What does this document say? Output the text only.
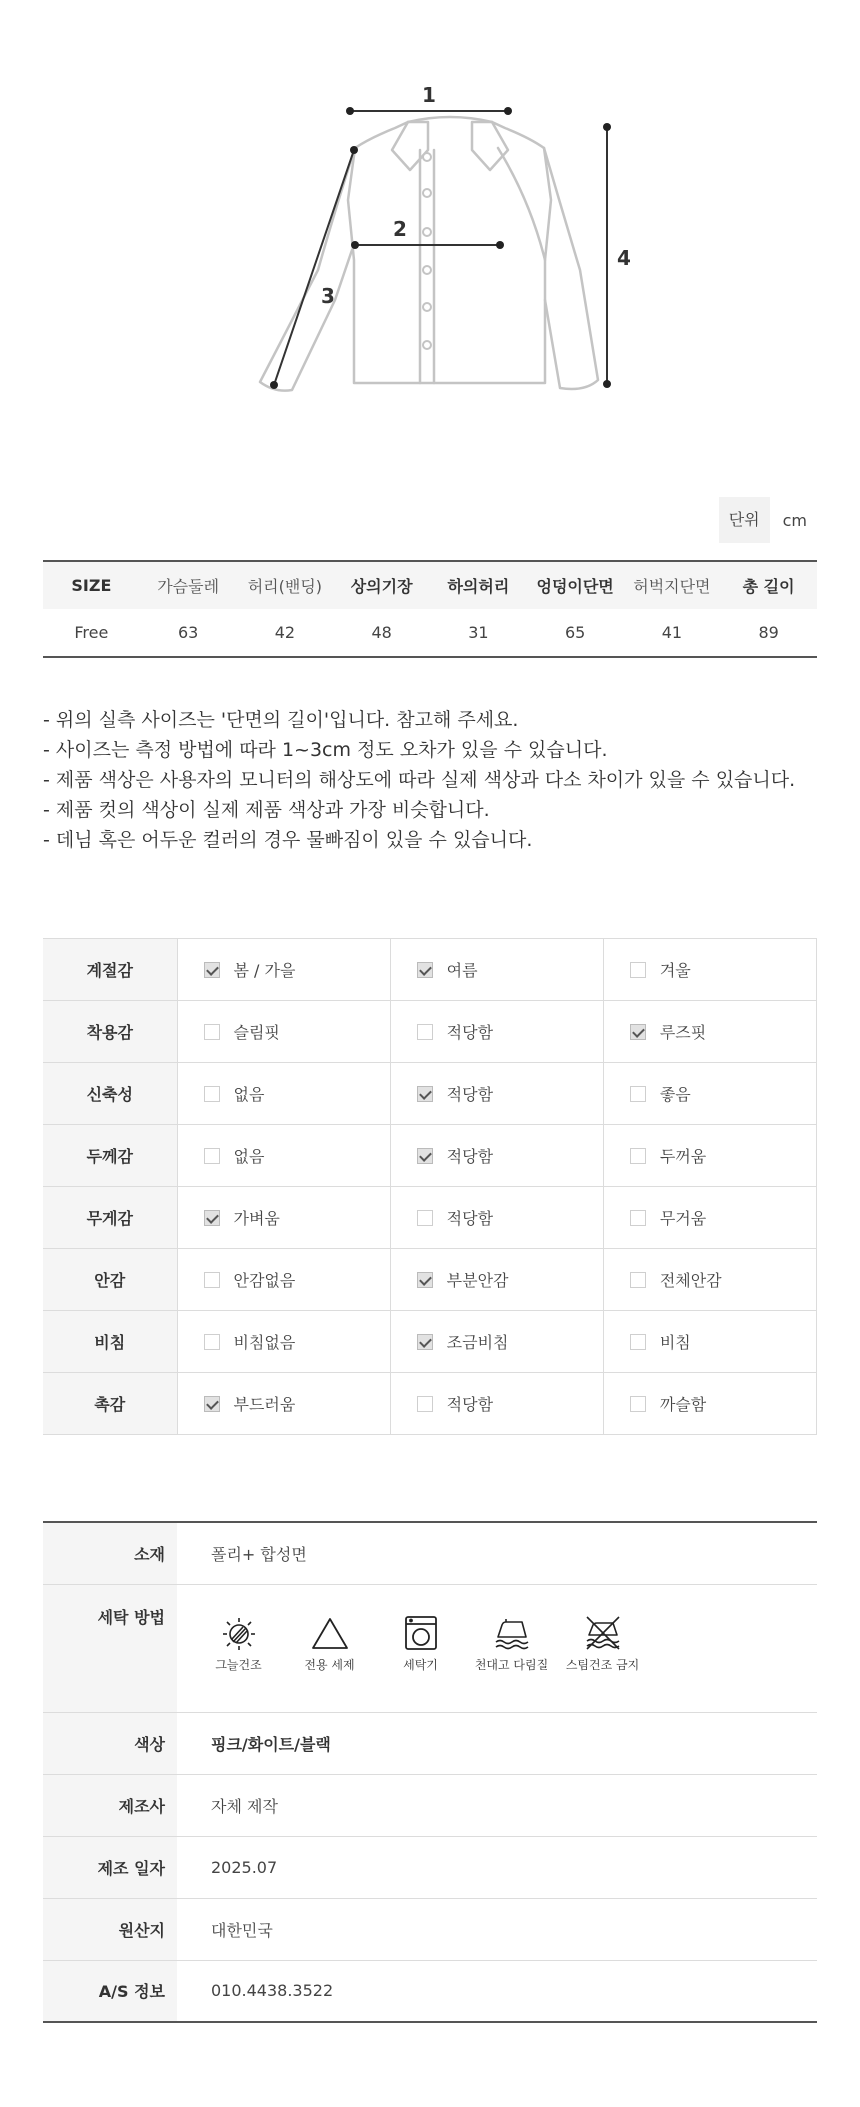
1
2
3
4
단위	cm
SIZE	가슴둘레	허리(밴딩)	상의기장	하의허리	엉덩이단면	허벅지단면	총 길이
Free	63	42	48	31	65	41	89
- 위의 실측 사이즈는 '단면의 길이'입니다. 참고해 주세요.
- 사이즈는 측정 방법에 따라 1~3cm 정도 오차가 있을 수 있습니다.
- 제품 색상은 사용자의 모니터의 해상도에 따라 실제 색상과 다소 차이가 있을 수 있습니다.
- 제품 컷의 색상이 실제 제품 색상과 가장 비슷합니다.
- 데님 혹은 어두운 컬러의 경우 물빠짐이 있을 수 있습니다.
계절감	봄 / 가을	여름	겨울
착용감	슬림핏	적당함	루즈핏
신축성	없음	적당함	좋음
두께감	없음	적당함	두꺼움
무게감	가벼움	적당함	무거움
안감	안감없음	부분안감	전체안감
비침	비침없음	조금비침	비침
촉감	부드러움	적당함	까슬함
소재	폴리+ 합성면
세탁 방법	그늘건조 전용 세제 세탁기 천대고 다림질 스팀건조 금지

색상	핑크/화이트/블랙
제조사	자체 제작
제조 일자	2025.07
원산지	대한민국
A/S 정보	010.4438.3522
